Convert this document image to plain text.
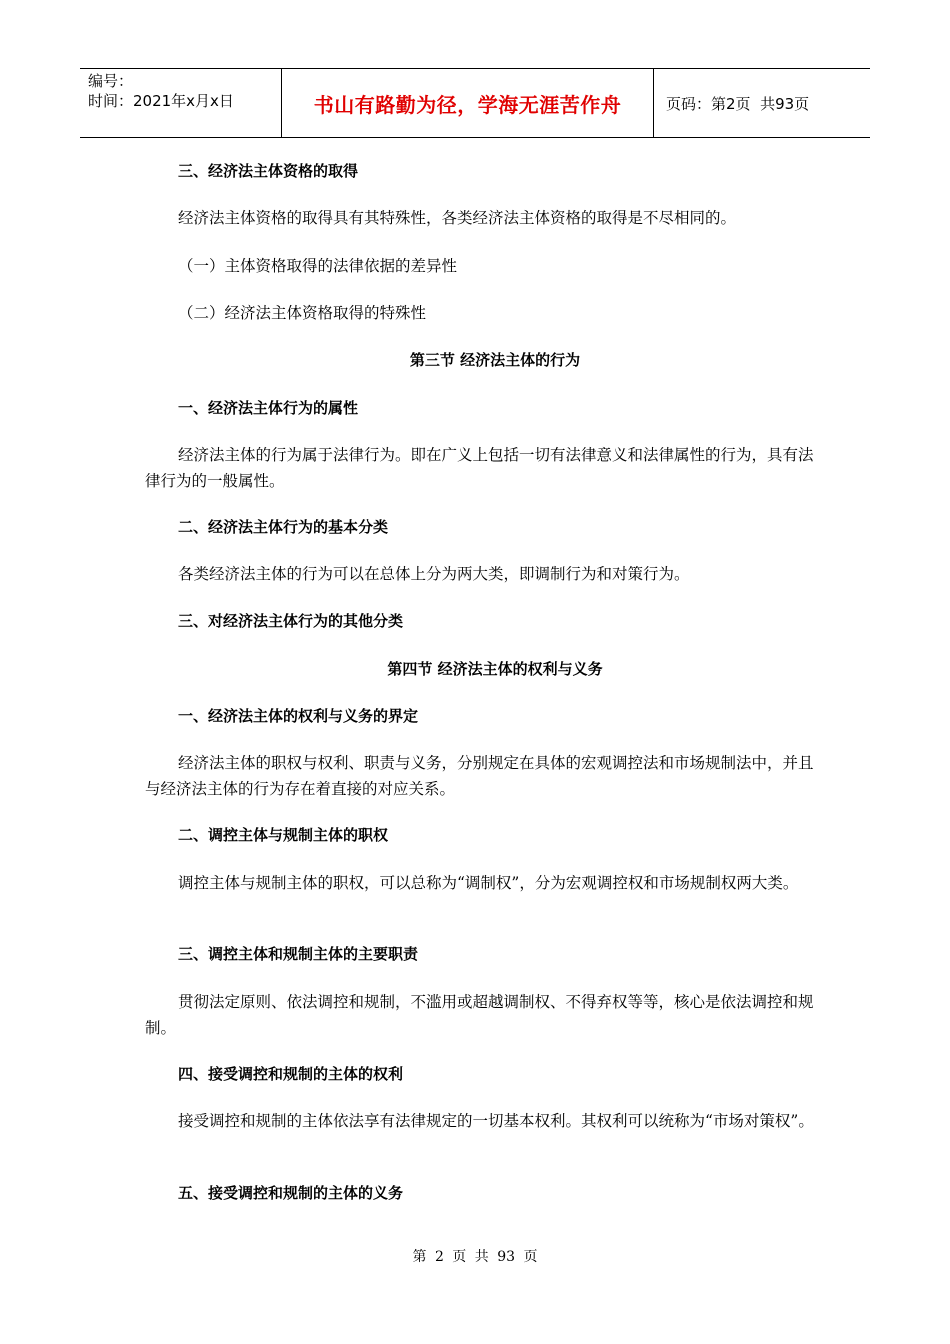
编号：
时间：2021年x月x日	书山有路勤为径，学海无涯苦作舟	页码：第2页  共93页
三、经济法主体资格的取得
经济法主体资格的取得具有其特殊性，各类经济法主体资格的取得是不尽相同的。
（一）主体资格取得的法律依据的差异性
（二）经济法主体资格取得的特殊性
第三节 经济法主体的行为
一、经济法主体行为的属性
经济法主体的行为属于法律行为。即在广义上包括一切有法律意义和法律属性的行为，具有法律行为的一般属性。
二、经济法主体行为的基本分类
各类经济法主体的行为可以在总体上分为两大类，即调制行为和对策行为。
三、对经济法主体行为的其他分类
第四节 经济法主体的权利与义务
一、经济法主体的权利与义务的界定
经济法主体的职权与权利、职责与义务，分别规定在具体的宏观调控法和市场规制法中，并且与经济法主体的行为存在着直接的对应关系。
二、调控主体与规制主体的职权
调控主体与规制主体的职权，可以总称为“调制权”，分为宏观调控权和市场规制权两大类。
三、调控主体和规制主体的主要职责
贯彻法定原则、依法调控和规制，不滥用或超越调制权、不得弃权等等，核心是依法调控和规制。
四、接受调控和规制的主体的权利
接受调控和规制的主体依法享有法律规定的一切基本权利。其权利可以统称为“市场对策权”。
五、接受调控和规制的主体的义务
第 2 页 共 93 页
